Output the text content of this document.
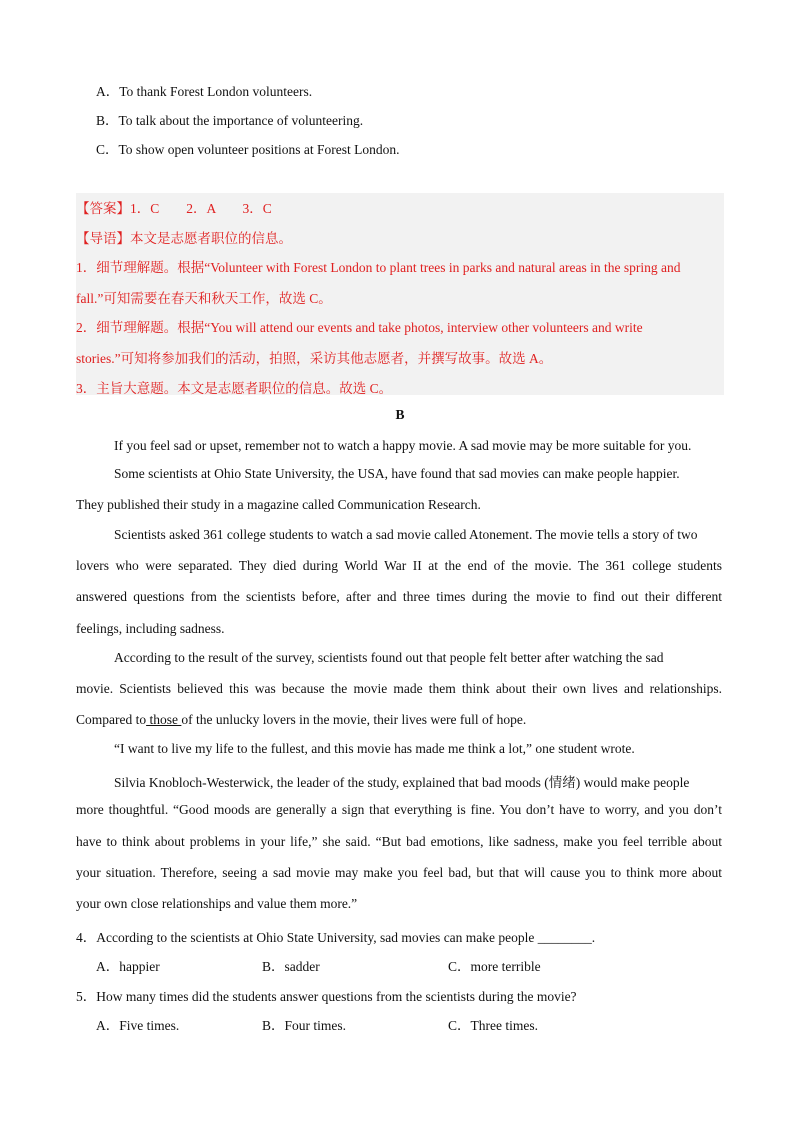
A．To thank Forest London volunteers.
B．To talk about the importance of volunteering.
C．To show open volunteer positions at Forest London.
【答案】1．C　　2．A　　3．C
【导语】本文是志愿者职位的信息。
1．细节理解题。根据“Volunteer with Forest London to plant trees in parks and natural areas in the spring and
fall.”可知需要在春天和秋天工作，故选 C。
2．细节理解题。根据“You will attend our events and take photos, interview other volunteers and write
stories.”可知将参加我们的活动，拍照，采访其他志愿者，并撰写故事。故选 A。
3．主旨大意题。本文是志愿者职位的信息。故选 C。
B
If you feel sad or upset, remember not to watch a happy movie. A sad movie may be more suitable for you.
Some scientists at Ohio State University, the USA, have found that sad movies can make people happier.
They published their study in a magazine called Communication Research.
Scientists asked 361 college students to watch a sad movie called Atonement. The movie tells a story of two
lovers who were separated. They died during World War II at the end of the movie. The 361 college students
answered questions from the scientists before, after and three times during the movie to find out their different
feelings, including sadness.
According to the result of the survey, scientists found out that people felt better after watching the sad
movie. Scientists believed this was because the movie made them think about their own lives and relationships.
Compared to those of the unlucky lovers in the movie, their lives were full of hope.
“I want to live my life to the fullest, and this movie has made me think a lot,” one student wrote.
Silvia Knobloch-Westerwick, the leader of the study, explained that bad moods (情绪) would make people
more thoughtful. “Good moods are generally a sign that everything is fine. You don’t have to worry, and you don’t
have to think about problems in your life,” she said. “But bad emotions, like sadness, make you feel terrible about
your situation. Therefore, seeing a sad movie may make you feel bad, but that will cause you to think more about
your own close relationships and value them more.”
4．According to the scientists at Ohio State University, sad movies can make people ________.
A．happier	B．sadder	C．more terrible
5．How many times did the students answer questions from the scientists during the movie?
A．Five times.	B．Four times.	C．Three times.
